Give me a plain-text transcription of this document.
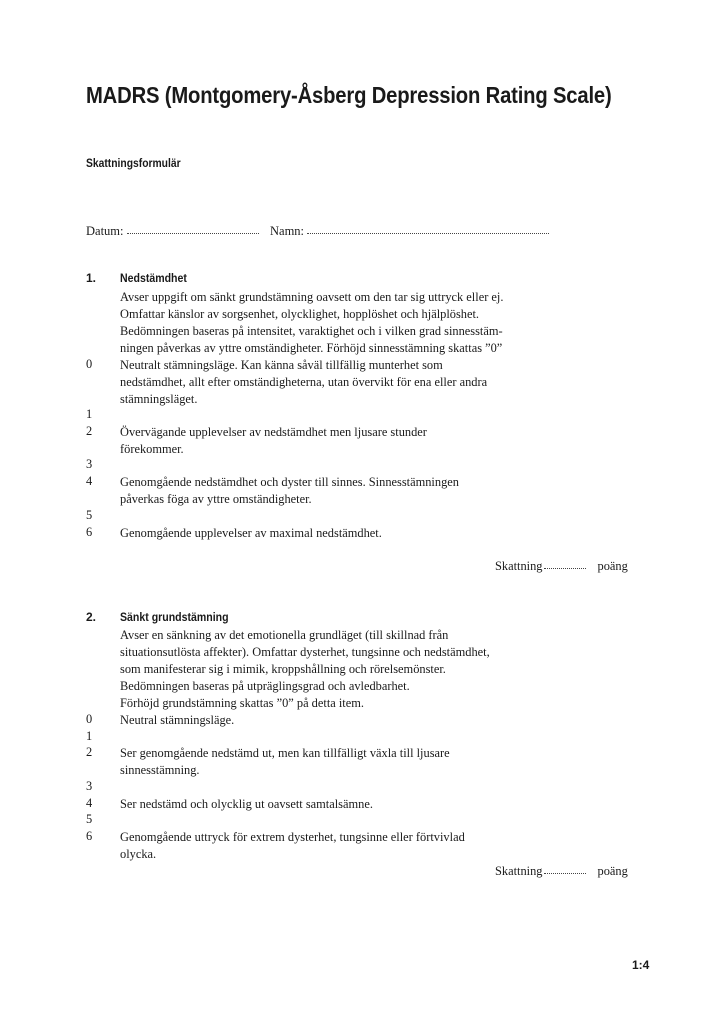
MADRS (Montgomery-Åsberg Depression Rating Scale)
Skattningsformulär
Datum:	Namn:
1. Nedstämdhet
Avser uppgift om sänkt grundstämning oavsett om den tar sig uttryck eller ej.
Omfattar känslor av sorgsenhet, olycklighet, hopplöshet och hjälplöshet.
Bedömningen baseras på intensitet, varaktighet och i vilken grad sinnesstäm-
ningen påverkas av yttre omständigheter. Förhöjd sinnesstämning skattas ”0”
0 Neutralt stämningsläge. Kan känna såväl tillfällig munterhet som
nedstämdhet, allt efter omständigheterna, utan övervikt för ena eller andra
stämningsläget.
1
2 Övervägande upplevelser av nedstämdhet men ljusare stunder
förekommer.
3
4 Genomgående nedstämdhet och dyster till sinnes. Sinnesstämningen
påverkas föga av yttre omständigheter.
5
6 Genomgående upplevelser av maximal nedstämdhet.
Skattning	poäng
2. Sänkt grundstämning
Avser en sänkning av det emotionella grundläget (till skillnad från
situationsutlösta affekter). Omfattar dysterhet, tungsinne och nedstämdhet,
som manifesterar sig i mimik, kroppshållning och rörelsemönster.
Bedömningen baseras på utpräglingsgrad och avledbarhet.
Förhöjd grundstämning skattas ”0” på detta item.
0 Neutral stämningsläge.
1
2 Ser genomgående nedstämd ut, men kan tillfälligt växla till ljusare
sinnesstämning.
3
4 Ser nedstämd och olycklig ut oavsett samtalsämne.
5
6 Genomgående uttryck för extrem dysterhet, tungsinne eller förtvivlad
olycka.
Skattning	poäng
1:4
